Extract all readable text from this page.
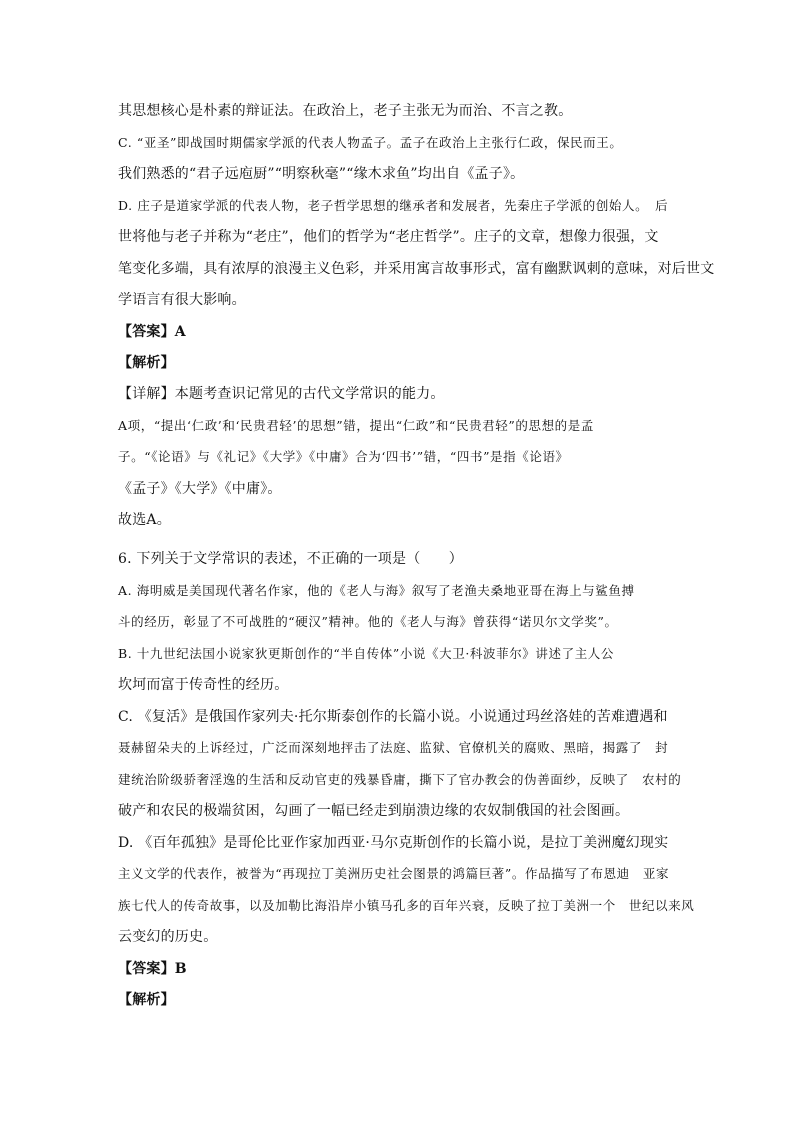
其思想核心是朴素的辩证法。在政治上，老子主张无为而治、不言之教。
C. “亚圣”即战国时期儒家学派的代表人物孟子。孟子在政治上主张行仁政，保民而王。
我们熟悉的“君子远庖厨”“明察秋毫”“缘木求鱼”均出自《孟子》。
D. 庄子是道家学派的代表人物，老子哲学思想的继承者和发展者，先秦庄子学派的创始人。　后
世将他与老子并称为“老庄”，他们的哲学为“老庄哲学”。庄子的文章，想像力很强，文
笔变化多端，具有浓厚的浪漫主义色彩，并采用寓言故事形式，富有幽默讽刺的意味，对后世文
学语言有很大影响。
【答案】A
【解析】
【详解】本题考查识记常见的古代文学常识的能力。
A项，“提出‘仁政’和‘民贵君轻’的思想”错，提出“仁政”和“民贵君轻”的思想的是孟
子。“《论语》与《礼记》《大学》《中庸》合为‘四书’”错，“四书”是指《论语》
《孟子》《大学》《中庸》。
故选A。
6. 下列关于文学常识的表述，不正确的一项是（　　）
A. 海明威是美国现代著名作家，他的《老人与海》叙写了老渔夫桑地亚哥在海上与鲨鱼搏
斗的经历，彰显了不可战胜的“硬汉”精神。他的《老人与海》曾获得“诺贝尔文学奖”。
B. 十九世纪法国小说家狄更斯创作的“半自传体”小说《大卫·科波菲尔》讲述了主人公
坎坷而富于传奇性的经历。
C. 《复活》是俄国作家列夫·托尔斯泰创作的长篇小说。小说通过玛丝洛娃的苦难遭遇和
聂赫留朵夫的上诉经过，广泛而深刻地抨击了法庭、监狱、官僚机关的腐败、黑暗，揭露了　封
建统治阶级骄奢淫逸的生活和反动官吏的残暴昏庸，撕下了官办教会的伪善面纱，反映了　农村的
破产和农民的极端贫困，勾画了一幅已经走到崩溃边缘的农奴制俄国的社会图画。
D. 《百年孤独》是哥伦比亚作家加西亚·马尔克斯创作的长篇小说，是拉丁美洲魔幻现实
主义文学的代表作，被誉为“再现拉丁美洲历史社会图景的鸿篇巨著”。作品描写了布恩迪　亚家
族七代人的传奇故事，以及加勒比海沿岸小镇马孔多的百年兴衰，反映了拉丁美洲一个　世纪以来风
云变幻的历史。
【答案】B
【解析】
